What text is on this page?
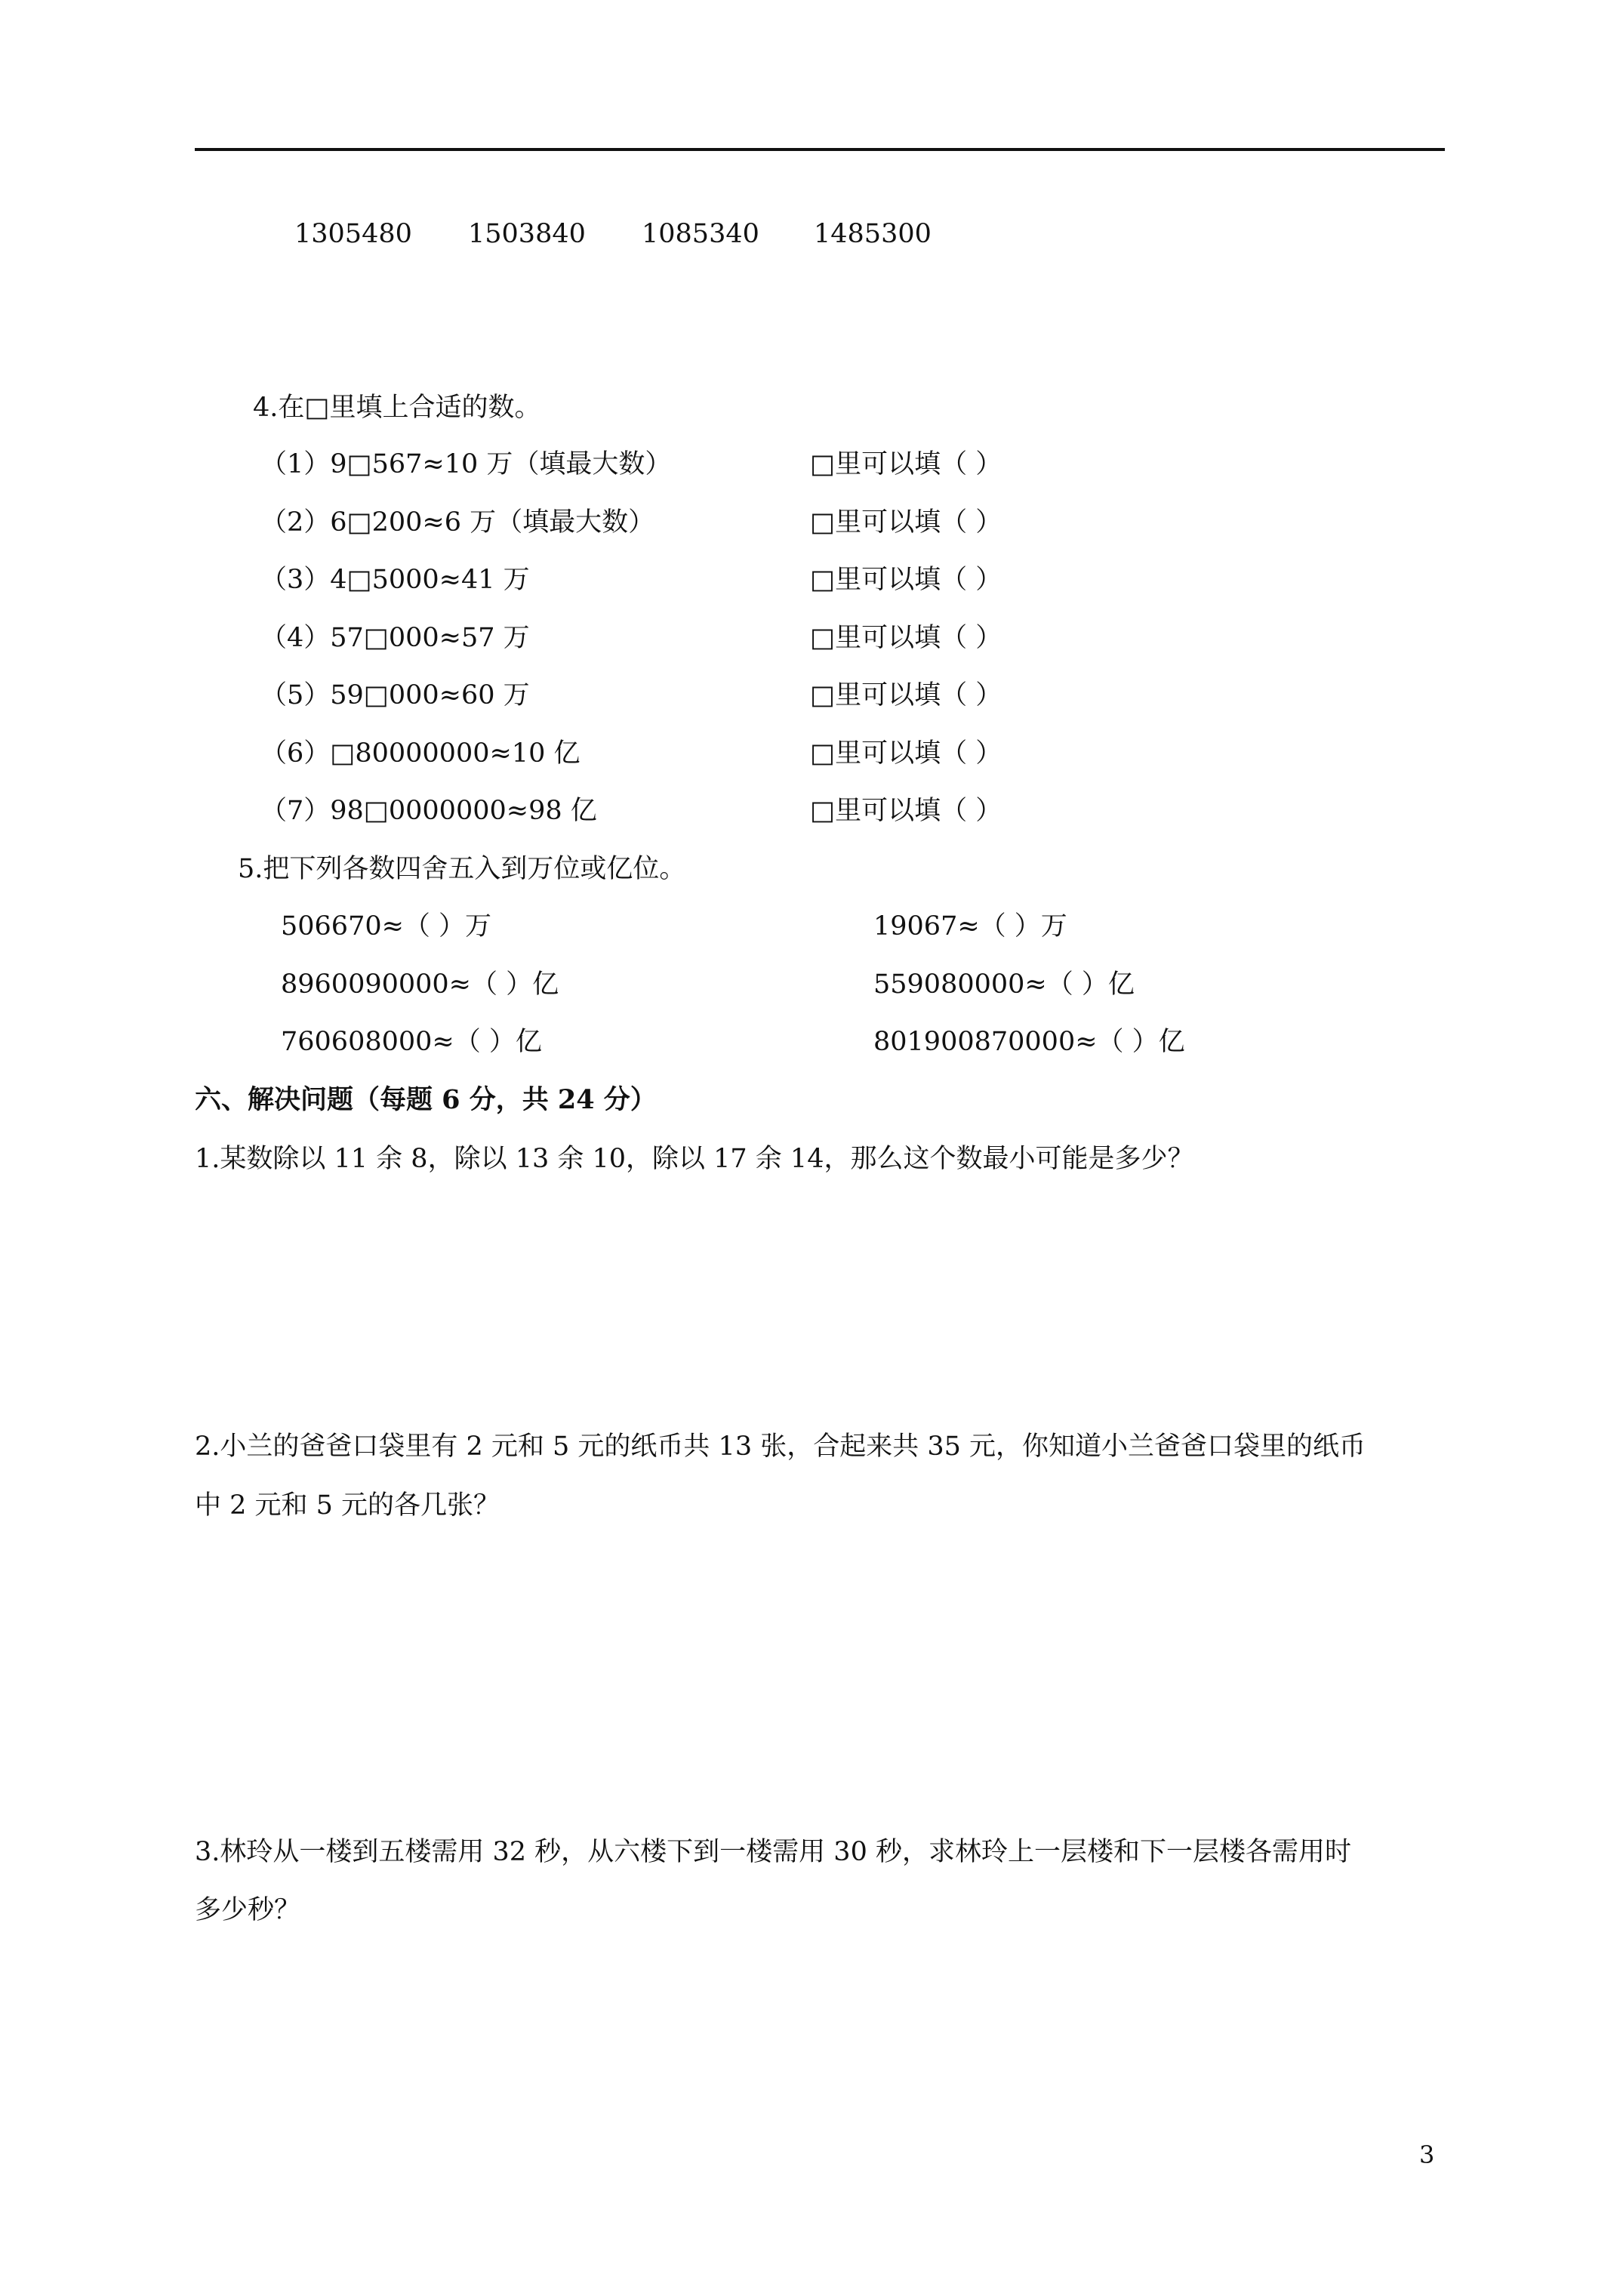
1305480 1503840 1085340 1485300
4.在□里填上合适的数。
（1）9□567≈10 万（填最大数）	□里可以填（ ）
（2）6□200≈6 万（填最大数）	□里可以填（ ）
（3）4□5000≈41 万	□里可以填（ ）
（4）57□000≈57 万	□里可以填（ ）
（5）59□000≈60 万	□里可以填（ ）
（6）□80000000≈10 亿	□里可以填（ ）
（7）98□0000000≈98 亿	□里可以填（ ）
5.把下列各数四舍五入到万位或亿位。
506670≈（ ）万	19067≈（ ）万
8960090000≈（ ）亿	559080000≈（ ）亿
760608000≈（ ）亿	801900870000≈（ ）亿
六、解决问题（每题 6 分，共 24 分）
1.某数除以 11 余 8，除以 13 余 10，除以 17 余 14，那么这个数最小可能是多少？
2.小兰的爸爸口袋里有 2 元和 5 元的纸币共 13 张，合起来共 35 元，你知道小兰爸爸口袋里的纸币
中 2 元和 5 元的各几张？
3.林玲从一楼到五楼需用 32 秒，从六楼下到一楼需用 30 秒，求林玲上一层楼和下一层楼各需用时
多少秒？
3
